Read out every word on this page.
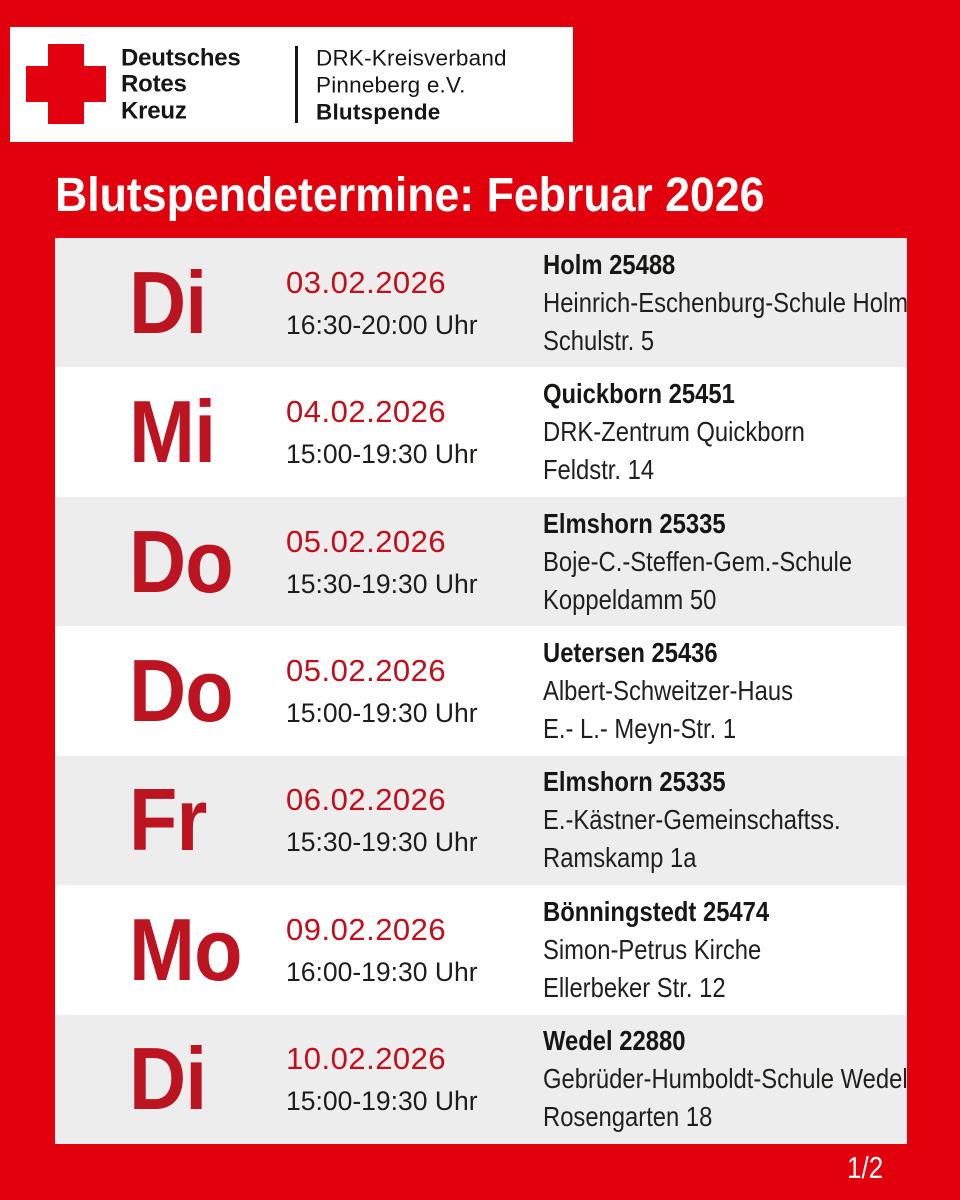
Deutsches
Rotes
Kreuz
DRK-Kreisverband
Pinneberg e.V.
Blutspende
Blutspendetermine: Februar 2026
Di	03.02.2026
16:30-20:00 Uhr
Holm 25488
Heinrich-Eschenburg-Schule Holm
Schulstr. 5
Mi 04.02.2026
15:00-19:30 Uhr
Quickborn 25451
DRK-Zentrum Quickborn
Feldstr. 14
Do 05.02.2026
15:30-19:30 Uhr
Elmshorn 25335
Boje-C.-Steffen-Gem.-Schule
Koppeldamm 50
Do 05.02.2026
15:00-19:30 Uhr
Uetersen 25436
Albert-Schweitzer-Haus
E.- L.- Meyn-Str. 1
Fr	06.02.2026
15:30-19:30 Uhr
Elmshorn 25335
E.-Kästner-Gemeinschaftss.
Ramskamp 1a
Mo 09.02.2026
16:00-19:30 Uhr
Bönningstedt 25474
Simon-Petrus Kirche
Ellerbeker Str. 12
Di	10.02.2026
15:00-19:30 Uhr
Wedel 22880
Gebrüder-Humboldt-Schule Wedel
Rosengarten 18
1/2
